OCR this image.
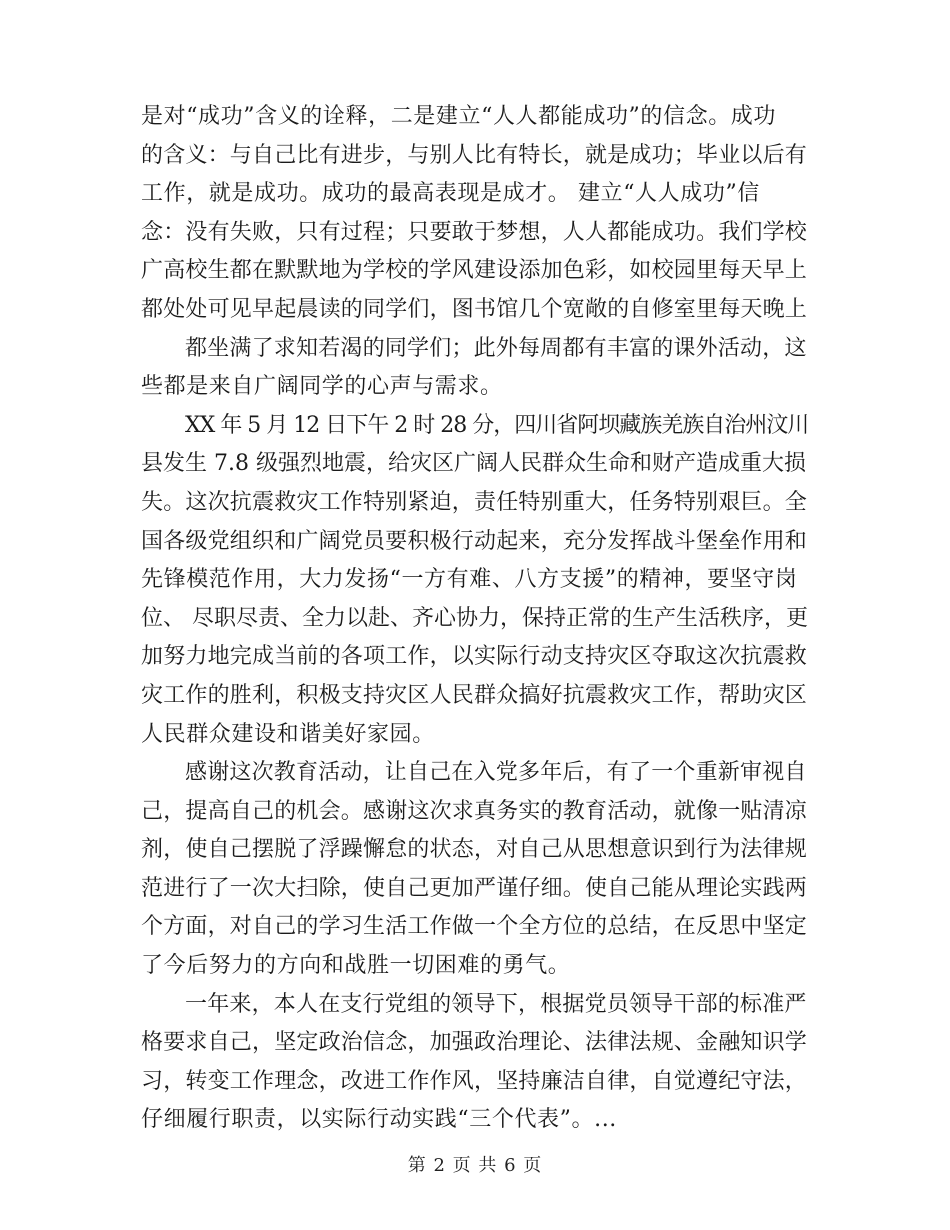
是对“成功”含义的诠释，二是建立“人人都能成功”的信念。成功
的含义：与自己比有进步，与别人比有特长，就是成功；毕业以后有
工作，就是成功。成功的最高表现是成才。 建立“人人成功”信
念：没有失败，只有过程；只要敢于梦想，人人都能成功。我们学校
广高校生都在默默地为学校的学风建设添加色彩，如校园里每天早上
都处处可见早起晨读的同学们，图书馆几个宽敞的自修室里每天晚上
都坐满了求知若渴的同学们；此外每周都有丰富的课外活动，这
些都是来自广阔同学的心声与需求。
XX 年 5 月 12 日下午 2 时 28 分，四川省阿坝藏族羌族自治州汶川
县发生 7.8 级强烈地震，给灾区广阔人民群众生命和财产造成重大损
失。这次抗震救灾工作特别紧迫，责任特别重大，任务特别艰巨。全
国各级党组织和广阔党员要积极行动起来，充分发挥战斗堡垒作用和
先锋模范作用，大力发扬“一方有难、八方支援”的精神，要坚守岗
位、 尽职尽责、全力以赴、齐心协力，保持正常的生产生活秩序，更
加努力地完成当前的各项工作，以实际行动支持灾区夺取这次抗震救
灾工作的胜利，积极支持灾区人民群众搞好抗震救灾工作，帮助灾区
人民群众建设和谐美好家园。
感谢这次教育活动，让自己在入党多年后，有了一个重新审视自
己，提高自己的机会。感谢这次求真务实的教育活动，就像一贴清凉
剂，使自己摆脱了浮躁懈怠的状态，对自己从思想意识到行为法律规
范进行了一次大扫除，使自己更加严谨仔细。使自己能从理论实践两
个方面，对自己的学习生活工作做一个全方位的总结，在反思中坚定
了今后努力的方向和战胜一切困难的勇气。
一年来，本人在支行党组的领导下，根据党员领导干部的标准严
格要求自己，坚定政治信念，加强政治理论、法律法规、金融知识学
习，转变工作理念，改进工作作风，坚持廉洁自律，自觉遵纪守法，
仔细履行职责，以实际行动实践“三个代表”。...
第 2 页 共 6 页
